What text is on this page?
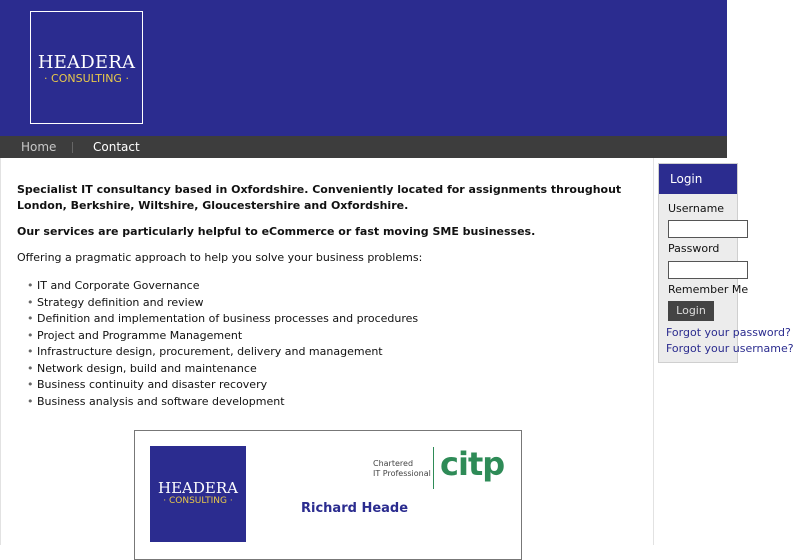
HEADERA
· CONSULTING ·
Home	Contact

Specialist IT consultancy based in Oxfordshire. Conveniently located for assignments throughout London, Berkshire, Wiltshire, Gloucestershire and Oxfordshire.

Our services are particularly helpful to eCommerce or fast moving SME businesses.

Offering a pragmatic approach to help you solve your business problems:

• IT and Corporate Governance
• Strategy definition and review
• Definition and implementation of business processes and procedures
• Project and Programme Management
• Infrastructure design, procurement, delivery and management
• Network design, build and maintenance
• Business continuity and disaster recovery
• Business analysis and software development
HEADERA
· CONSULTING ·
Chartered
IT Professional citp
Richard Heade
Login
Username
Password
Remember Me
Login
Forgot your password?
Forgot your username?
